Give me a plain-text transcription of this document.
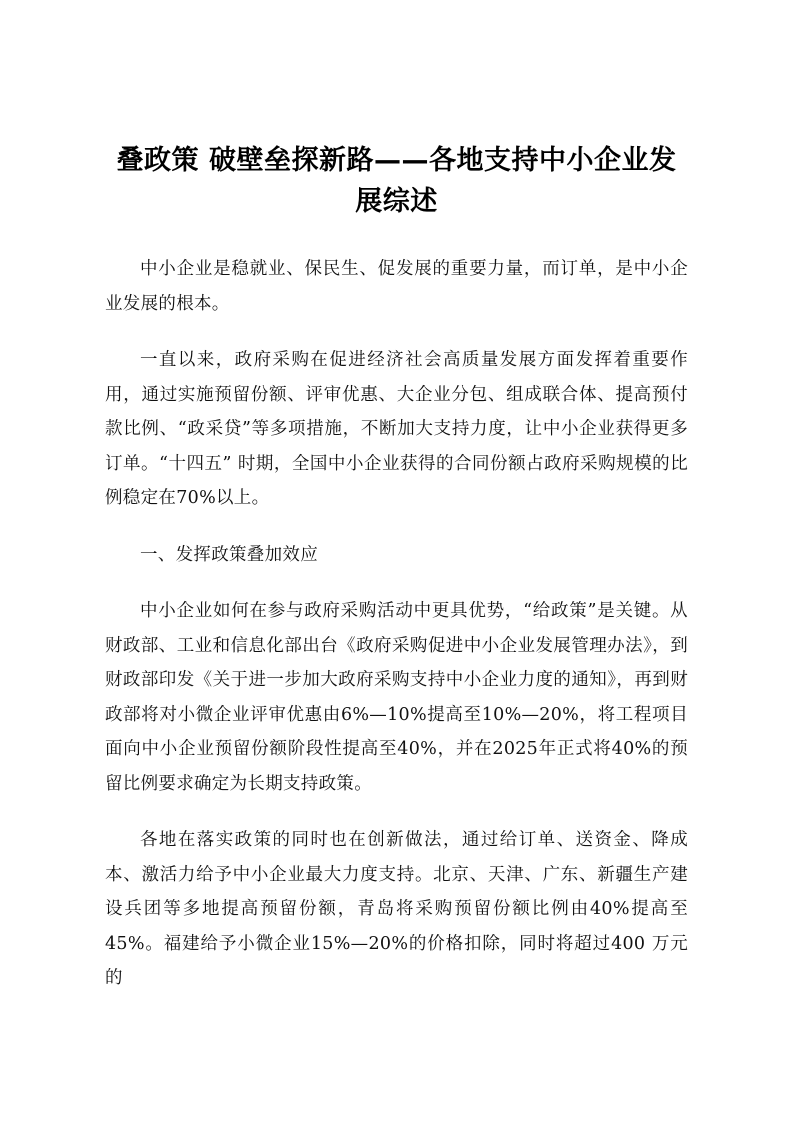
叠政策 破壁垒探新路——各地支持中小企业发展综述

中小企业是稳就业、保民生、促发展的重要力量，而订单，是中小企业发展的根本。

一直以来，政府采购在促进经济社会高质量发展方面发挥着重要作用，通过实施预留份额、评审优惠、大企业分包、组成联合体、提高预付款比例、“政采贷”等多项措施，不断加大支持力度，让中小企业获得更多订单。“十四五” 时期，全国中小企业获得的合同份额占政府采购规模的比例稳定在70%以上。

一、发挥政策叠加效应

中小企业如何在参与政府采购活动中更具优势，“给政策”是关键。从财政部、工业和信息化部出台《政府采购促进中小企业发展管理办法》，到财政部印发《关于进一步加大政府采购支持中小企业力度的通知》，再到财政部将对小微企业评审优惠由6%—10%提高至10%—20%，将工程项目面向中小企业预留份额阶段性提高至40%，并在2025年正式将40%的预留比例要求确定为长期支持政策。

各地在落实政策的同时也在创新做法，通过给订单、送资金、降成本、激活力给予中小企业最大力度支持。北京、天津、广东、新疆生产建设兵团等多地提高预留份额，青岛将采购预留份额比例由40%提高至45%。福建给予小微企业15%—20%的价格扣除，同时将超过400 万元的
